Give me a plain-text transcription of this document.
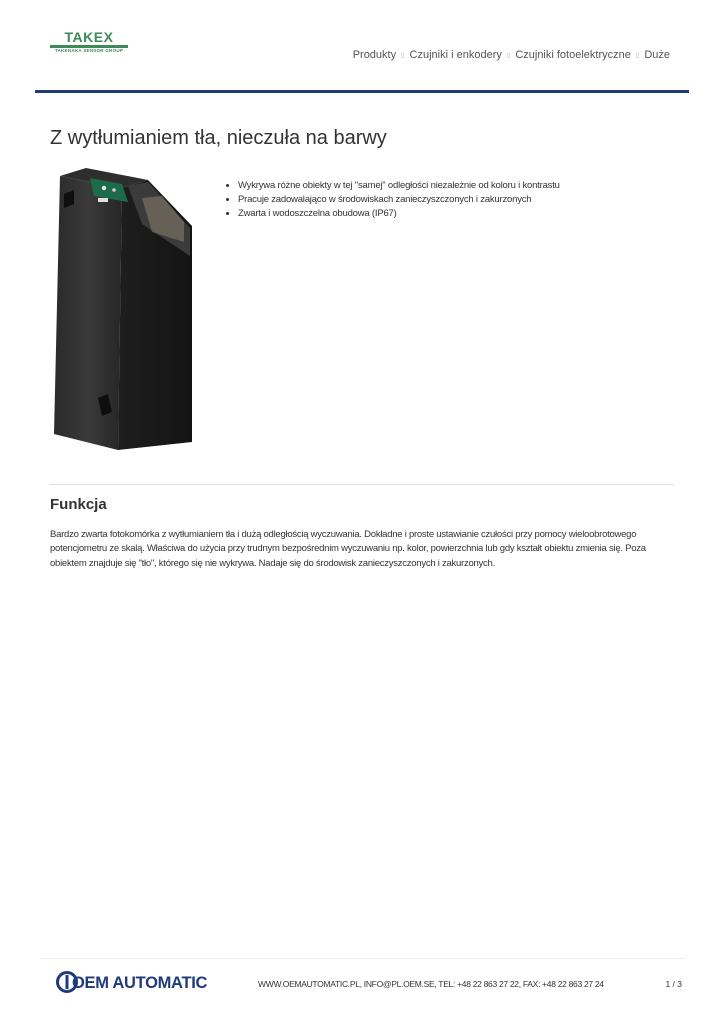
TAKEX
TAKENAKA SENSOR GROUP	Produkty ▯ Czujniki i enkodery ▯ Czujniki fotoelektryczne ▯ Duże
Z wytłumianiem tła, nieczuła na barwy
• Wykrywa różne obiekty w tej "samej" odległości niezależnie od koloru i kontrastu
• Pracuje zadowalająco w środowiskach zanieczyszczonych i zakurzonych
• Zwarta i wodoszczelna obudowa (IP67)
Funkcja

Bardzo zwarta fotokomórka z wytłumianiem tła i dużą odległością wyczuwania. Dokładne i proste ustawianie czułości przy pomocy wieloobrotowego potencjometru ze skalą. Właściwa do użycia przy trudnym bezpośrednim wyczuwaniu np. kolor, powierzchnia lub gdy kształt obiektu zmienia się. Poza obiektem znajduje się "tło", którego się nie wykrywa. Nadaje się do środowisk zanieczyszczonych i zakurzonych.

OEM AUTOMATIC	WWW.OEMAUTOMATIC.PL, INFO@PL.OEM.SE, TEL: +48 22 863 27 22, FAX: +48 22 863 27 24	1 / 3
